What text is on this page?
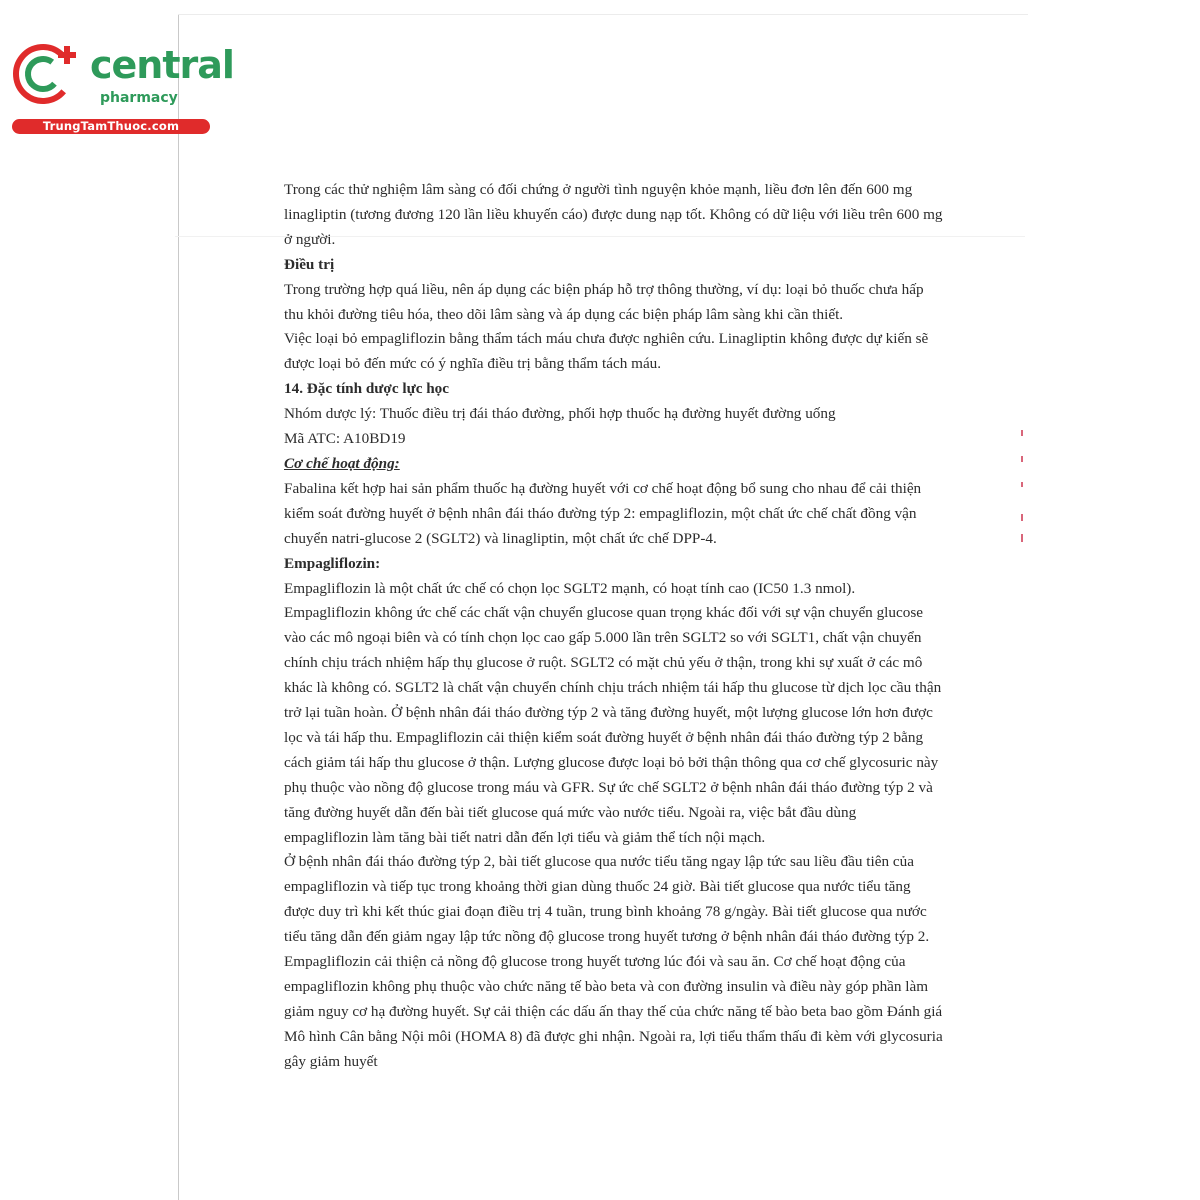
central
pharmacy
TrungTamThuoc.com

Trong các thử nghiệm lâm sàng có đối chứng ở người tình nguyện khỏe mạnh, liều đơn lên đến 600 mg linagliptin (tương đương 120 lần liều khuyến cáo) được dung nạp tốt. Không có dữ liệu với liều trên 600 mg ở người.

Điều trị

Trong trường hợp quá liều, nên áp dụng các biện pháp hỗ trợ thông thường, ví dụ: loại bỏ thuốc chưa hấp thu khỏi đường tiêu hóa, theo dõi lâm sàng và áp dụng các biện pháp lâm sàng khi cần thiết.

Việc loại bỏ empagliflozin bằng thẩm tách máu chưa được nghiên cứu. Linagliptin không được dự kiến sẽ được loại bỏ đến mức có ý nghĩa điều trị bằng thẩm tách máu.

14. Đặc tính dược lực học

Nhóm dược lý: Thuốc điều trị đái tháo đường, phối hợp thuốc hạ đường huyết đường uống

Mã ATC: A10BD19

Cơ chế hoạt động:

Fabalina kết hợp hai sản phẩm thuốc hạ đường huyết với cơ chế hoạt động bổ sung cho nhau để cải thiện kiểm soát đường huyết ở bệnh nhân đái tháo đường týp 2: empagliflozin, một chất ức chế chất đồng vận chuyển natri-glucose 2 (SGLT2) và linagliptin, một chất ức chế DPP-4.

Empagliflozin:

Empagliflozin là một chất ức chế có chọn lọc SGLT2 mạnh, có hoạt tính cao (IC50 1.3 nmol). Empagliflozin không ức chế các chất vận chuyển glucose quan trọng khác đối với sự vận chuyển glucose vào các mô ngoại biên và có tính chọn lọc cao gấp 5.000 lần trên SGLT2 so với SGLT1, chất vận chuyển chính chịu trách nhiệm hấp thụ glucose ở ruột. SGLT2 có mặt chủ yếu ở thận, trong khi sự xuất ở các mô khác là không có. SGLT2 là chất vận chuyển chính chịu trách nhiệm tái hấp thu glucose từ dịch lọc cầu thận trở lại tuần hoàn. Ở bệnh nhân đái tháo đường týp 2 và tăng đường huyết, một lượng glucose lớn hơn được lọc và tái hấp thu. Empagliflozin cải thiện kiểm soát đường huyết ở bệnh nhân đái tháo đường týp 2 bằng cách giảm tái hấp thu glucose ở thận. Lượng glucose được loại bỏ bởi thận thông qua cơ chế glycosuric này phụ thuộc vào nồng độ glucose trong máu và GFR. Sự ức chế SGLT2 ở bệnh nhân đái tháo đường týp 2 và tăng đường huyết dẫn đến bài tiết glucose quá mức vào nước tiểu. Ngoài ra, việc bắt đầu dùng empagliflozin làm tăng bài tiết natri dẫn đến lợi tiểu và giảm thể tích nội mạch.

Ở bệnh nhân đái tháo đường týp 2, bài tiết glucose qua nước tiểu tăng ngay lập tức sau liều đầu tiên của empagliflozin và tiếp tục trong khoảng thời gian dùng thuốc 24 giờ. Bài tiết glucose qua nước tiểu tăng được duy trì khi kết thúc giai đoạn điều trị 4 tuần, trung bình khoảng 78 g/ngày. Bài tiết glucose qua nước tiểu tăng dẫn đến giảm ngay lập tức nồng độ glucose trong huyết tương ở bệnh nhân đái tháo đường týp 2. Empagliflozin cải thiện cả nồng độ glucose trong huyết tương lúc đói và sau ăn. Cơ chế hoạt động của empagliflozin không phụ thuộc vào chức năng tế bào beta và con đường insulin và điều này góp phần làm giảm nguy cơ hạ đường huyết. Sự cải thiện các dấu ấn thay thế của chức năng tế bào beta bao gồm Đánh giá Mô hình Cân bằng Nội môi (HOMA 8) đã được ghi nhận. Ngoài ra, lợi tiểu thẩm thấu đi kèm với glycosuria gây giảm huyết
